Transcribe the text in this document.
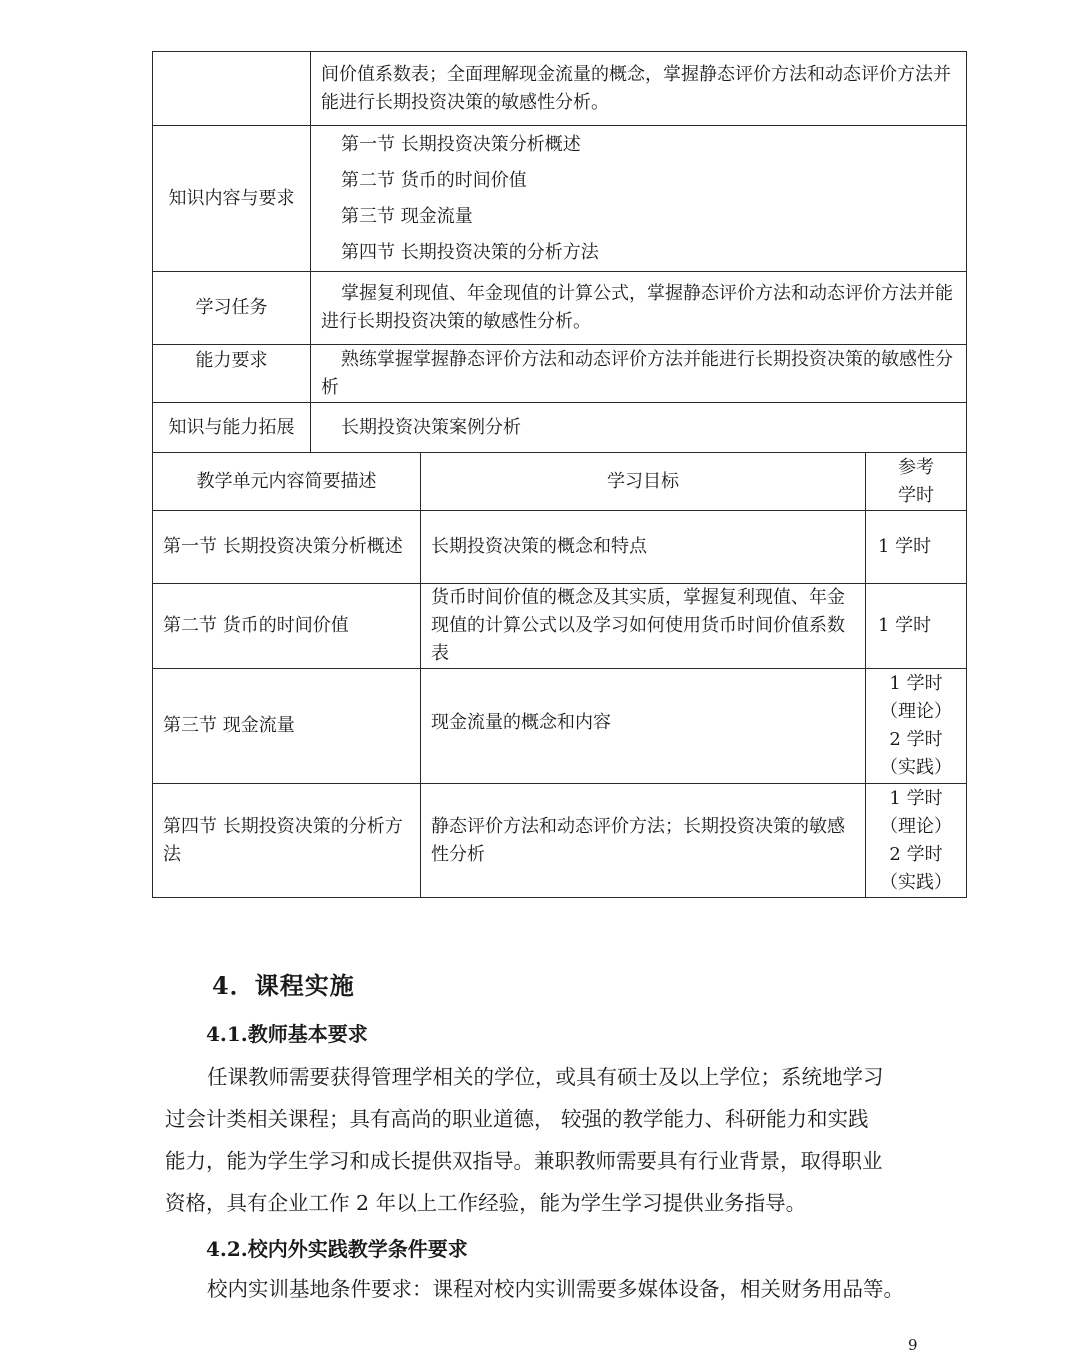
	间价值系数表；全面理解现金流量的概念，掌握静态评价方法和动态评价方法并能进行长期投资决策的敏感性分析。
知识内容与要求	第一节 长期投资决策分析概述
第二节 货币的时间价值
第三节 现金流量
第四节 长期投资决策的分析方法

学习任务	掌握复利现值、年金现值的计算公式，掌握静态评价方法和动态评价方法并能进行长期投资决策的敏感性分析。
能力要求	熟练掌握掌握静态评价方法和动态评价方法并能进行长期投资决策的敏感性分析
知识与能力拓展	长期投资决策案例分析
教学单元内容简要描述	学习目标	参考
学时

第一节 长期投资决策分析概述	长期投资决策的概念和特点	1 学时

第二节 货币的时间价值	货币时间价值的概念及其实质，掌握复利现值、年金现值的计算公式以及学习如何使用货币时间价值系数表	1 学时

第三节 现金流量	现金流量的概念和内容	1 学时
（理论）
2 学时
（实践）

第四节 长期投资决策的分析方法	静态评价方法和动态评价方法；长期投资决策的敏感性分析	1 学时
（理论）
2 学时
（实践）
4．课程实施
4.1.教师基本要求
任课教师需要获得管理学相关的学位，或具有硕士及以上学位；系统地学习
过会计类相关课程；具有高尚的职业道德， 较强的教学能力、科研能力和实践
能力，能为学生学习和成长提供双指导。兼职教师需要具有行业背景，取得职业
资格，具有企业工作 2 年以上工作经验，能为学生学习提供业务指导。
4.2.校内外实践教学条件要求
校内实训基地条件要求：课程对校内实训需要多媒体设备，相关财务用品等。
9
